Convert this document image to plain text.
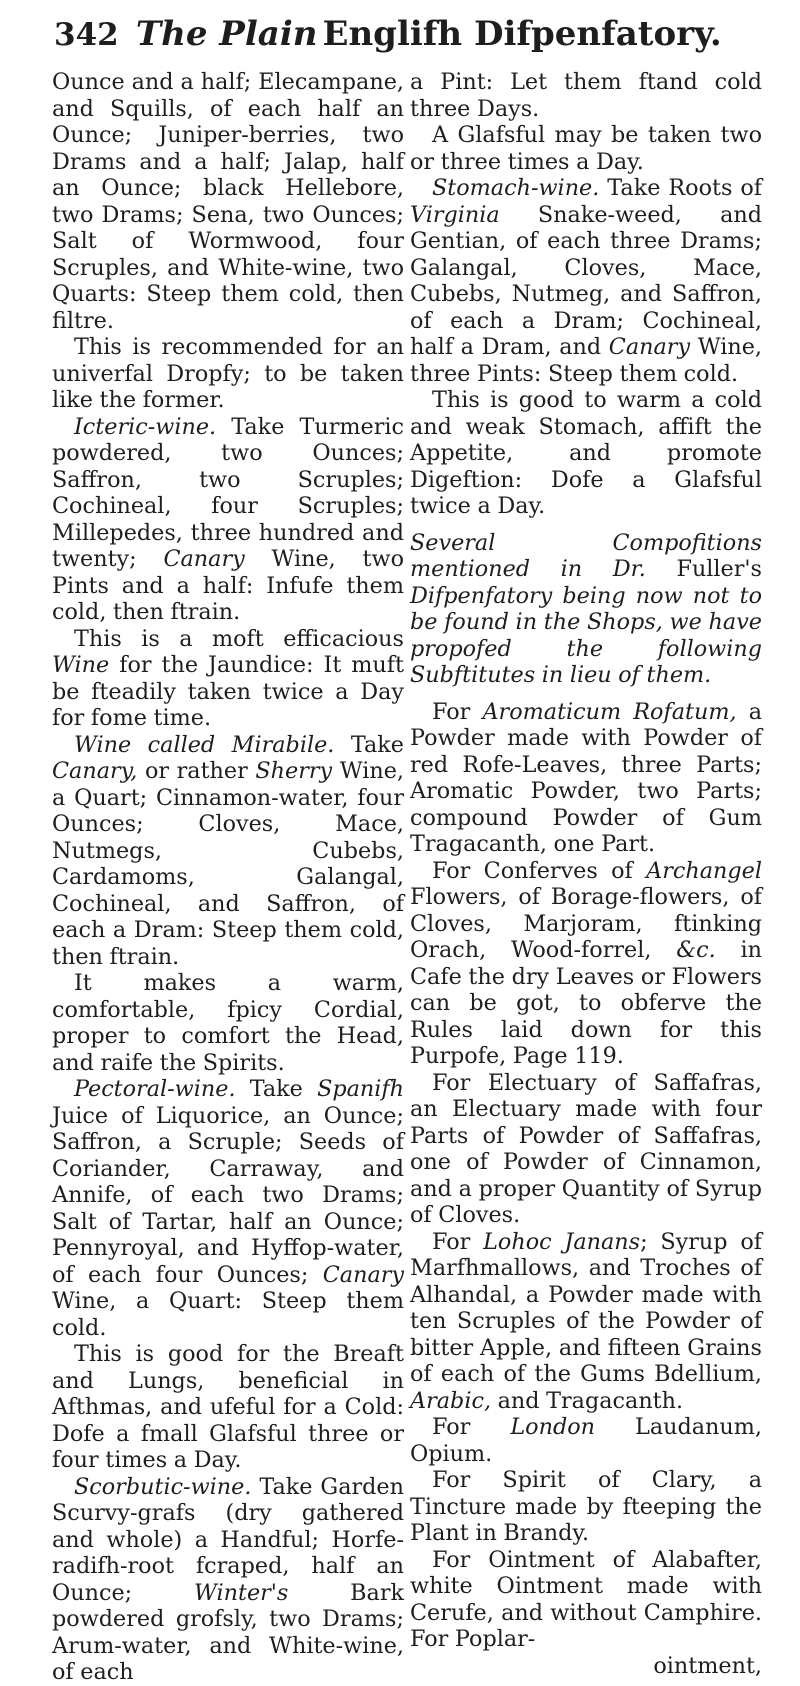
342 The Plain Englifh Difpenfatory.

Ounce and a half; Elecampane, and Squills, of each half an Ounce; Juniper-berries, two Drams and a half; Jalap, half an Ounce; black Hellebore, two Drams; Sena, two Ounces; Salt of Wormwood, four Scruples, and White-wine, two Quarts: Steep them cold, then filtre.

This is recommended for an univerfal Dropfy; to be taken like the former.

Icteric-wine. Take Turmeric powdered, two Ounces; Saffron, two Scruples; Cochineal, four Scruples; Millepedes, three hundred and twenty; Canary Wine, two Pints and a half: Infufe them cold, then ftrain.

This is a moft efficacious Wine for the Jaundice: It muft be fteadily taken twice a Day for fome time.

Wine called Mirabile. Take Canary, or rather Sherry Wine, a Quart; Cinnamon-water, four Ounces; Cloves, Mace, Nutmegs, Cubebs, Cardamoms, Galangal, Cochineal, and Saffron, of each a Dram: Steep them cold, then ftrain.

It makes a warm, comfortable, fpicy Cordial, proper to comfort the Head, and raife the Spirits.

Pectoral-wine. Take Spanifh Juice of Liquorice, an Ounce; Saffron, a Scruple; Seeds of Coriander, Carraway, and Annife, of each two Drams; Salt of Tartar, half an Ounce; Pennyroyal, and Hyffop-water, of each four Ounces; Canary Wine, a Quart: Steep them cold.

This is good for the Breaft and Lungs, beneficial in Afthmas, and ufeful for a Cold: Dofe a fmall Glafsful three or four times a Day.

Scorbutic-wine. Take Garden Scurvy-grafs (dry gathered and whole) a Handful; Horfe-radifh-root fcraped, half an Ounce;	Winter's	Bark powdered grofsly, two Drams; Arum-water, and White-wine, of each

a Pint: Let them ftand cold three Days.

A Glafsful may be taken two or three times a Day.

Stomach-wine. Take Roots of Virginia Snake-weed, and Gentian, of each three Drams; Galangal, Cloves, Mace, Cubebs, Nutmeg, and Saffron, of each a Dram; Cochineal, half a Dram, and Canary Wine, three Pints: Steep them cold.

This is good to warm a cold and weak Stomach, affift the Appetite, and promote Digeftion: Dofe a Glafsful twice a Day.

Several Compofitions mentioned in Dr. Fuller's Difpenfatory being now not to be found in the Shops, we have propofed the following Subftitutes in lieu of them.

For Aromaticum Rofatum, a Powder made with Powder of red Rofe-Leaves, three Parts; Aromatic Powder, two Parts; compound Powder of Gum Tragacanth, one Part.

For Conferves of Archangel Flowers, of Borage-flowers, of Cloves, Marjoram, ftinking Orach, Wood-forrel, &c. in Cafe the dry Leaves or Flowers can be got, to obferve the Rules laid down for this Purpofe, Page 119.

For Electuary of Saffafras, an Electuary made with four Parts of Powder of Saffafras, one of Powder of Cinnamon, and a proper Quantity of Syrup of Cloves.

For Lohoc Janans; Syrup of Marfhmallows, and Troches of Alhandal, a Powder made with ten Scruples of the Powder of bitter Apple, and fifteen Grains of each of the Gums Bdellium, Arabic, and Tragacanth.

For London Laudanum, Opium.

For Spirit of Clary, a Tincture made by fteeping the Plant in Brandy.

For Ointment of Alabafter, white Ointment made with Cerufe, and without Camphire. For Poplar-

ointment,
